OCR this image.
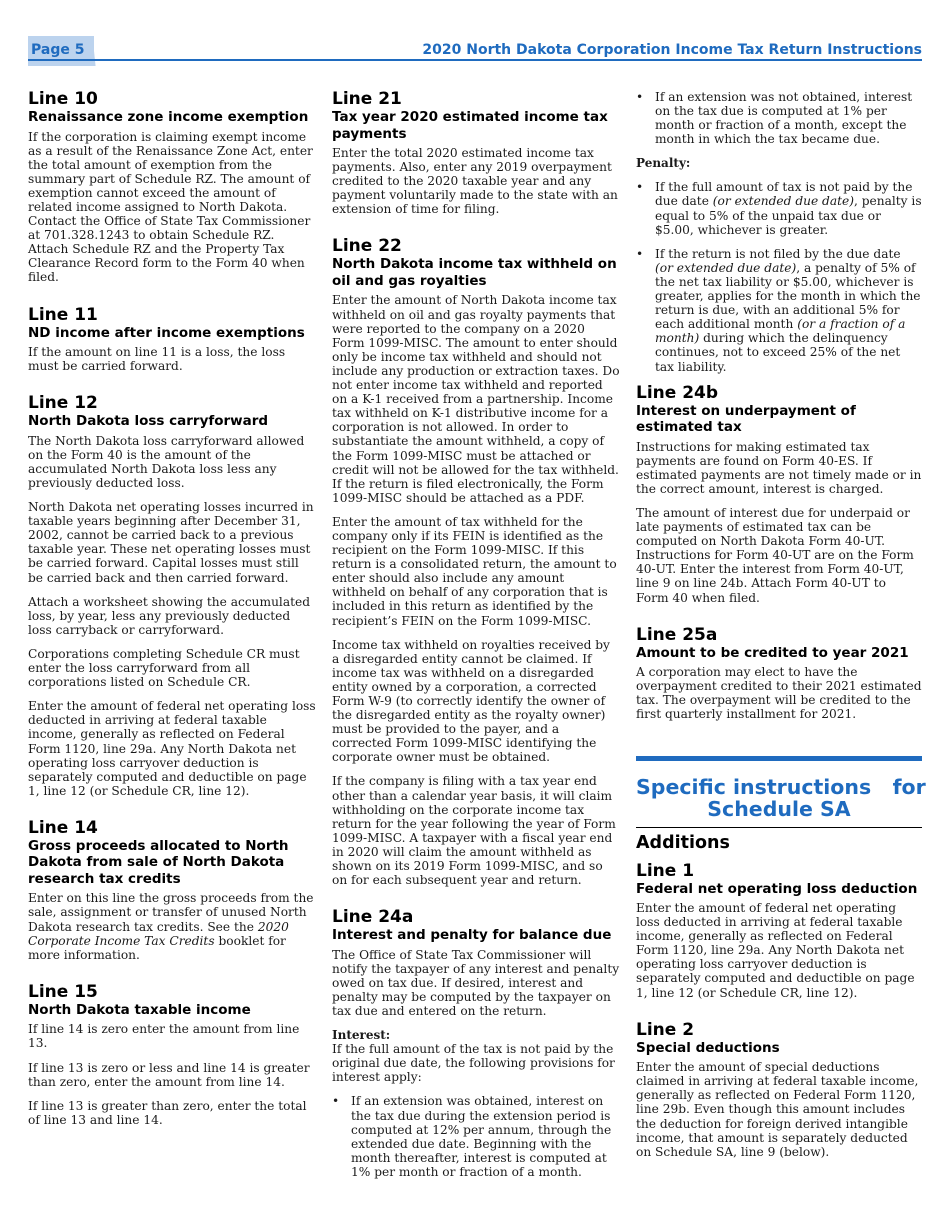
Page 5	2020 North Dakota Corporation Income Tax Return Instructions
Line 10
Renaissance zone income exemption

If the corporation is claiming exempt income as a result of the Renaissance Zone Act, enter the total amount of exemption from the summary part of Schedule RZ. The amount of exemption cannot exceed the amount of related income assigned to North Dakota. Contact the Office of State Tax Commissioner at 701.328.1243 to obtain Schedule RZ. Attach Schedule RZ and the Property Tax Clearance Record form to the Form 40 when filed.

Line 11
ND income after income exemptions

If the amount on line 11 is a loss, the loss must be carried forward.

Line 12
North Dakota loss carryforward

The North Dakota loss carryforward allowed on the Form 40 is the amount of the accumulated North Dakota loss less any previously deducted loss.

North Dakota net operating losses incurred in taxable years beginning after December 31, 2002, cannot be carried back to a previous taxable year. These net operating losses must be carried forward. Capital losses must still be carried back and then carried forward.

Attach a worksheet showing the accumulated loss, by year, less any previously deducted loss carryback or carryforward.

Corporations completing Schedule CR must enter the loss carryforward from all corporations listed on Schedule CR.

Enter the amount of federal net operating loss deducted in arriving at federal taxable income, generally as reflected on Federal Form 1120, line 29a. Any North Dakota net operating loss carryover deduction is separately computed and deductible on page 1, line 12 (or Schedule CR, line 12).

Line 14
Gross proceeds allocated to North Dakota from sale of North Dakota research tax credits

Enter on this line the gross proceeds from the sale, assignment or transfer of unused North Dakota research tax credits. See the 2020 Corporate Income Tax Credits booklet for more information.

Line 15
North Dakota taxable income

If line 14 is zero enter the amount from line 13.

If line 13 is zero or less and line 14 is greater than zero, enter the amount from line 14.

If line 13 is greater than zero, enter the total of line 13 and line 14.

Line 21
Tax year 2020 estimated income tax payments

Enter the total 2020 estimated income tax payments. Also, enter any 2019 overpayment credited to the 2020 taxable year and any payment voluntarily made to the state with an extension of time for filing.

Line 22
North Dakota income tax withheld on oil and gas royalties

Enter the amount of North Dakota income tax withheld on oil and gas royalty payments that were reported to the company on a 2020 Form 1099-MISC. The amount to enter should only be income tax withheld and should not include any production or extraction taxes. Do not enter income tax withheld and reported on a K-1 received from a partnership. Income tax withheld on K-1 distributive income for a corporation is not allowed. In order to substantiate the amount withheld, a copy of the Form 1099-MISC must be attached or credit will not be allowed for the tax withheld. If the return is filed electronically, the Form 1099-MISC should be attached as a PDF.

Enter the amount of tax withheld for the company only if its FEIN is identified as the recipient on the Form 1099-MISC. If this return is a consolidated return, the amount to enter should also include any amount withheld on behalf of any corporation that is included in this return as identified by the recipient’s FEIN on the Form 1099-MISC.

Income tax withheld on royalties received by a disregarded entity cannot be claimed. If income tax was withheld on a disregarded entity owned by a corporation, a corrected Form W-9 (to correctly identify the owner of the disregarded entity as the royalty owner) must be provided to the payer, and a corrected Form 1099-MISC identifying the corporate owner must be obtained.

If the company is filing with a tax year end other than a calendar year basis, it will claim withholding on the corporate income tax return for the year following the year of Form 1099-MISC. A taxpayer with a fiscal year end in 2020 will claim the amount withheld as shown on its 2019 Form 1099-MISC, and so on for each subsequent year and return.

Line 24a
Interest and penalty for balance due

The Office of State Tax Commissioner will notify the taxpayer of any interest and penalty owed on tax due. If desired, interest and penalty may be computed by the taxpayer on tax due and entered on the return.

Interest:

If the full amount of the tax is not paid by the original due date, the following provisions for interest apply:

• If an extension was obtained, interest on the tax due during the extension period is computed at 12% per annum, through the extended due date. Beginning with the month thereafter, interest is computed at 1% per month or fraction of a month.
• If an extension was not obtained, interest on the tax due is computed at 1% per month or fraction of a month, except the month in which the tax became due.
Penalty:
• If the full amount of tax is not paid by the due date (or extended due date), penalty is equal to 5% of the unpaid tax due or $5.00, whichever is greater.
• If the return is not filed by the due date (or extended due date), a penalty of 5% of the net tax liability or $5.00, whichever is greater, applies for the month in which the return is due, with an additional 5% for each additional month (or a fraction of a month) during which the delinquency continues, not to exceed 25% of the net tax liability.
Line 24b
Interest on underpayment of estimated tax

Instructions for making estimated tax payments are found on Form 40-ES. If estimated payments are not timely made or in the correct amount, interest is charged.

The amount of interest due for underpaid or late payments of estimated tax can be computed on North Dakota Form 40-UT. Instructions for Form 40-UT are on the Form 40-UT. Enter the interest from Form 40-UT, line 9 on line 24b. Attach Form 40-UT to Form 40 when filed.

Line 25a
Amount to be credited to year 2021

A corporation may elect to have the overpayment credited to their 2021 estimated tax. The overpayment will be credited to the first quarterly installment for 2021.

Specific instructions   for
Schedule SA
Additions
Line 1
Federal net operating loss deduction

Enter the amount of federal net operating loss deducted in arriving at federal taxable income, generally as reflected on Federal Form 1120, line 29a. Any North Dakota net operating loss carryover deduction is separately computed and deductible on page 1, line 12 (or Schedule CR, line 12).

Line 2
Special deductions

Enter the amount of special deductions claimed in arriving at federal taxable income, generally as reflected on Federal Form 1120, line 29b. Even though this amount includes the deduction for foreign derived intangible income, that amount is separately deducted on Schedule SA, line 9 (below).
